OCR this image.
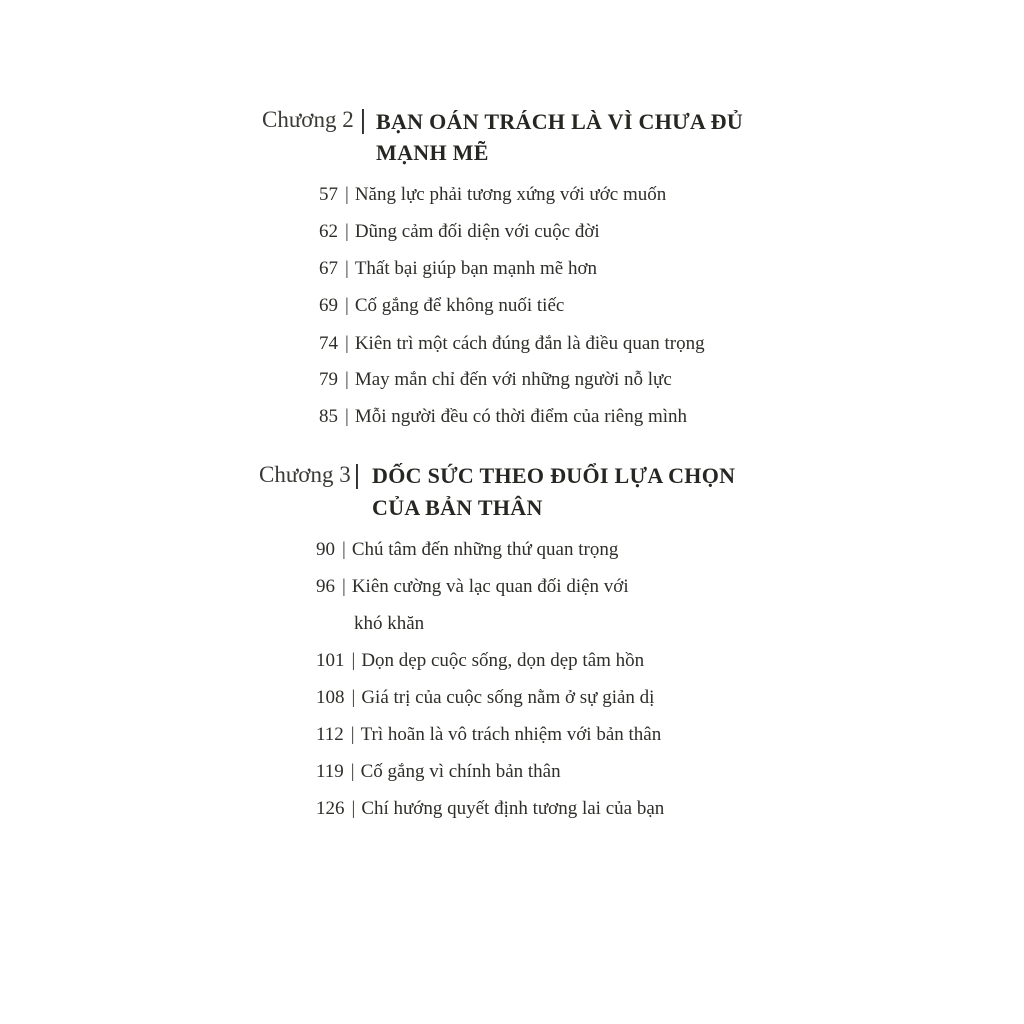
Chương 2 | BẠN OÁN TRÁCH LÀ VÌ CHƯA ĐỦ
MẠNH MẼ
57 | Năng lực phải tương xứng với ước muốn
62 | Dũng cảm đối diện với cuộc đời
67 | Thất bại giúp bạn mạnh mẽ hơn
69 | Cố gắng để không nuối tiếc
74 | Kiên trì một cách đúng đắn là điều quan trọng
79 | May mắn chỉ đến với những người nỗ lực
85 | Mỗi người đều có thời điểm của riêng mình
Chương 3 | DỐC SỨC THEO ĐUỔI LỰA CHỌN
CỦA BẢN THÂN
90 | Chú tâm đến những thứ quan trọng
96 | Kiên cường và lạc quan đối diện với
khó khăn
101 | Dọn dẹp cuộc sống, dọn dẹp tâm hồn
108 | Giá trị của cuộc sống nằm ở sự giản dị
112 | Trì hoãn là vô trách nhiệm với bản thân
119 | Cố gắng vì chính bản thân
126 | Chí hướng quyết định tương lai của bạn
